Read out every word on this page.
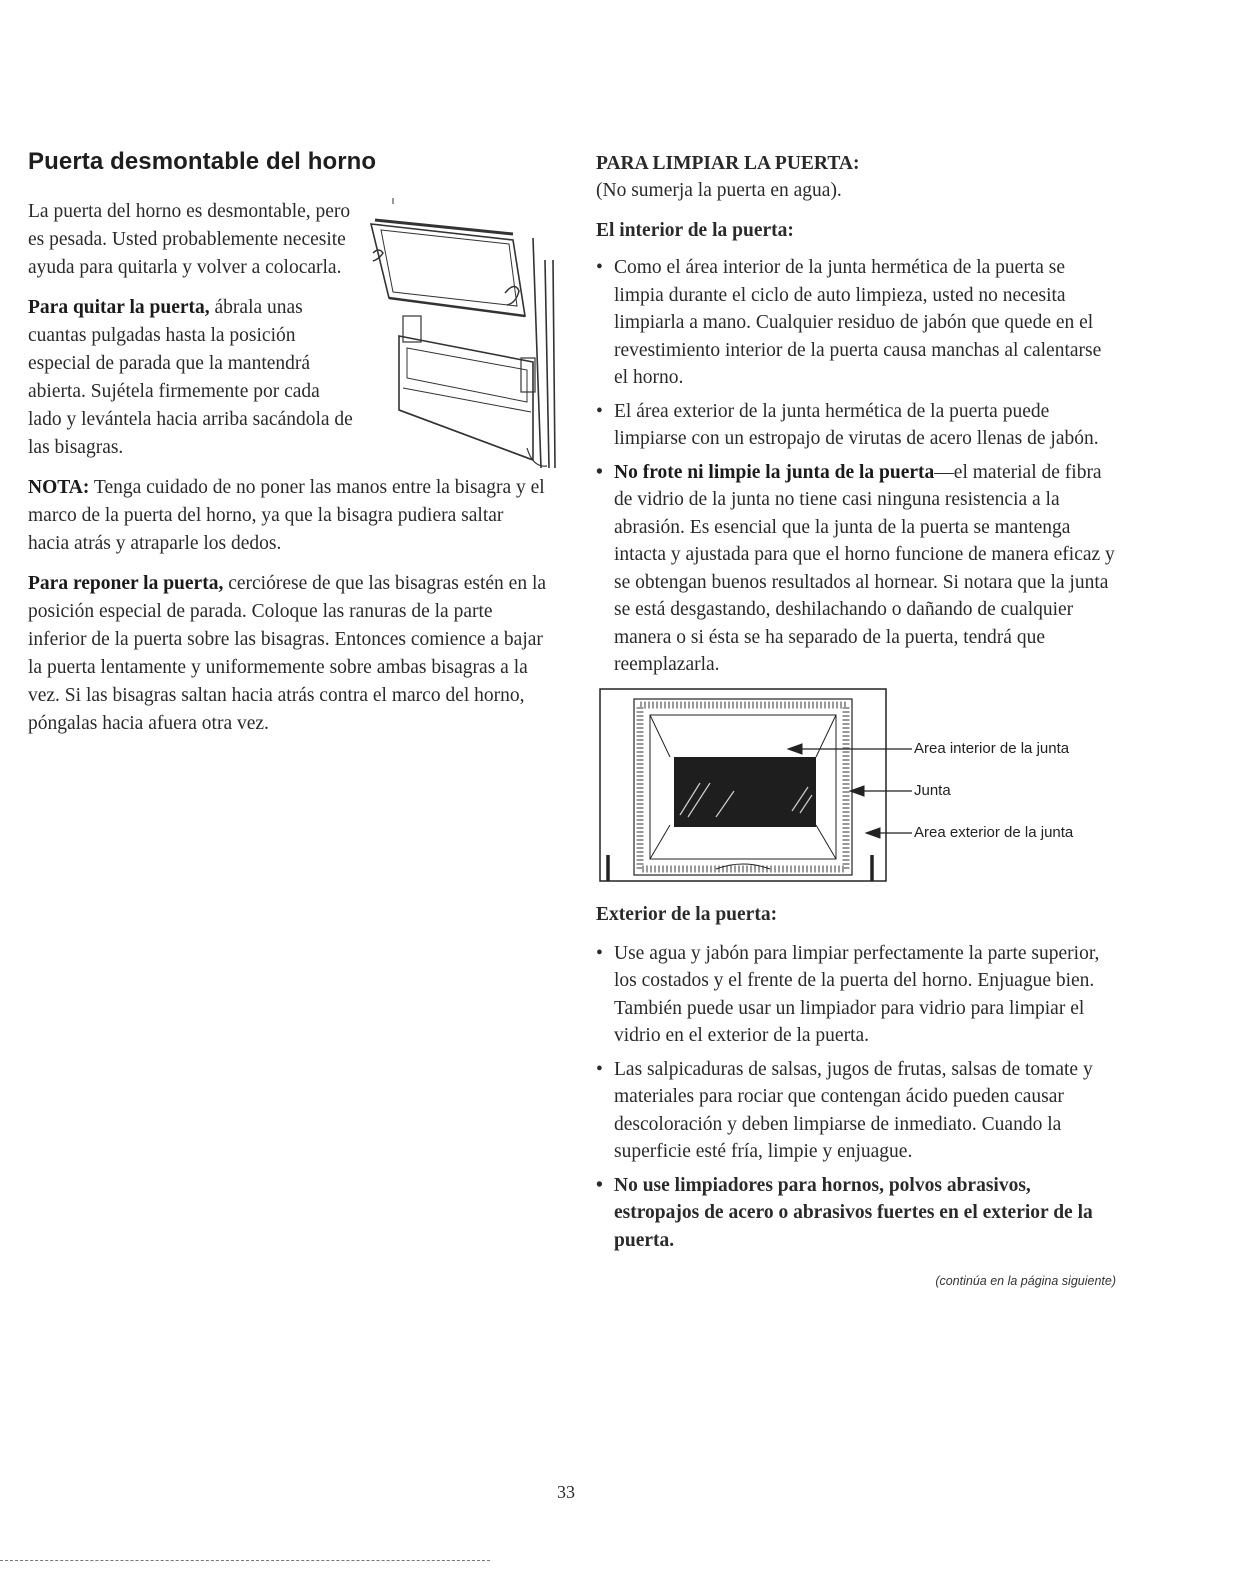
Puerta desmontable del horno

La puerta del horno es desmontable, pero es pesada. Usted probablemente necesite ayuda para quitarla y volver a colocarla.

Para quitar la puerta, ábrala unas cuantas pulgadas hasta la posición especial de parada que la mantendrá abierta. Sujétela firmemente por cada lado y levántela hacia arriba sacándola de las bisagras.

NOTA: Tenga cuidado de no poner las manos entre la bisagra y el marco de la puerta del horno, ya que la bisagra pudiera saltar hacia atrás y atraparle los dedos.

Para reponer la puerta, cerciórese de que las bisagras estén en la posición especial de parada. Coloque las ranuras de la parte inferior de la puerta sobre las bisagras. Entonces comience a bajar la puerta lentamente y uniformemente sobre ambas bisagras a la vez. Si las bisagras saltan hacia atrás contra el marco del horno, póngalas hacia afuera otra vez.

PARA LIMPIAR LA PUERTA:

(No sumerja la puerta en agua).

El interior de la puerta:

• Como el área interior de la junta hermética de la puerta se limpia durante el ciclo de auto limpieza, usted no necesita limpiarla a mano. Cualquier residuo de jabón que quede en el revestimiento interior de la puerta causa manchas al calentarse el horno.
• El área exterior de la junta hermética de la puerta puede limpiarse con un estropajo de virutas de acero llenas de jabón.
• No frote ni limpie la junta de la puerta—el material de fibra de vidrio de la junta no tiene casi ninguna resistencia a la abrasión. Es esencial que la junta de la puerta se mantenga intacta y ajustada para que el horno funcione de manera eficaz y se obtengan buenos resultados al hornear. Si notara que la junta se está desgastando, deshilachando o dañando de cualquier manera o si ésta se ha separado de la puerta, tendrá que reemplazarla.
Area interior de la junta
Junta
Area exterior de la junta

Exterior de la puerta:

• Use agua y jabón para limpiar perfectamente la parte superior, los costados y el frente de la puerta del horno. Enjuague bien. También puede usar un limpiador para vidrio para limpiar el vidrio en el exterior de la puerta.
• Las salpicaduras de salsas, jugos de frutas, salsas de tomate y materiales para rociar que contengan ácido pueden causar descoloración y deben limpiarse de inmediato. Cuando la superficie esté fría, limpie y enjuague.
• No use limpiadores para hornos, polvos abrasivos, estropajos de acero o abrasivos fuertes en el exterior de la puerta.
(continúa en la página siguiente)
33
